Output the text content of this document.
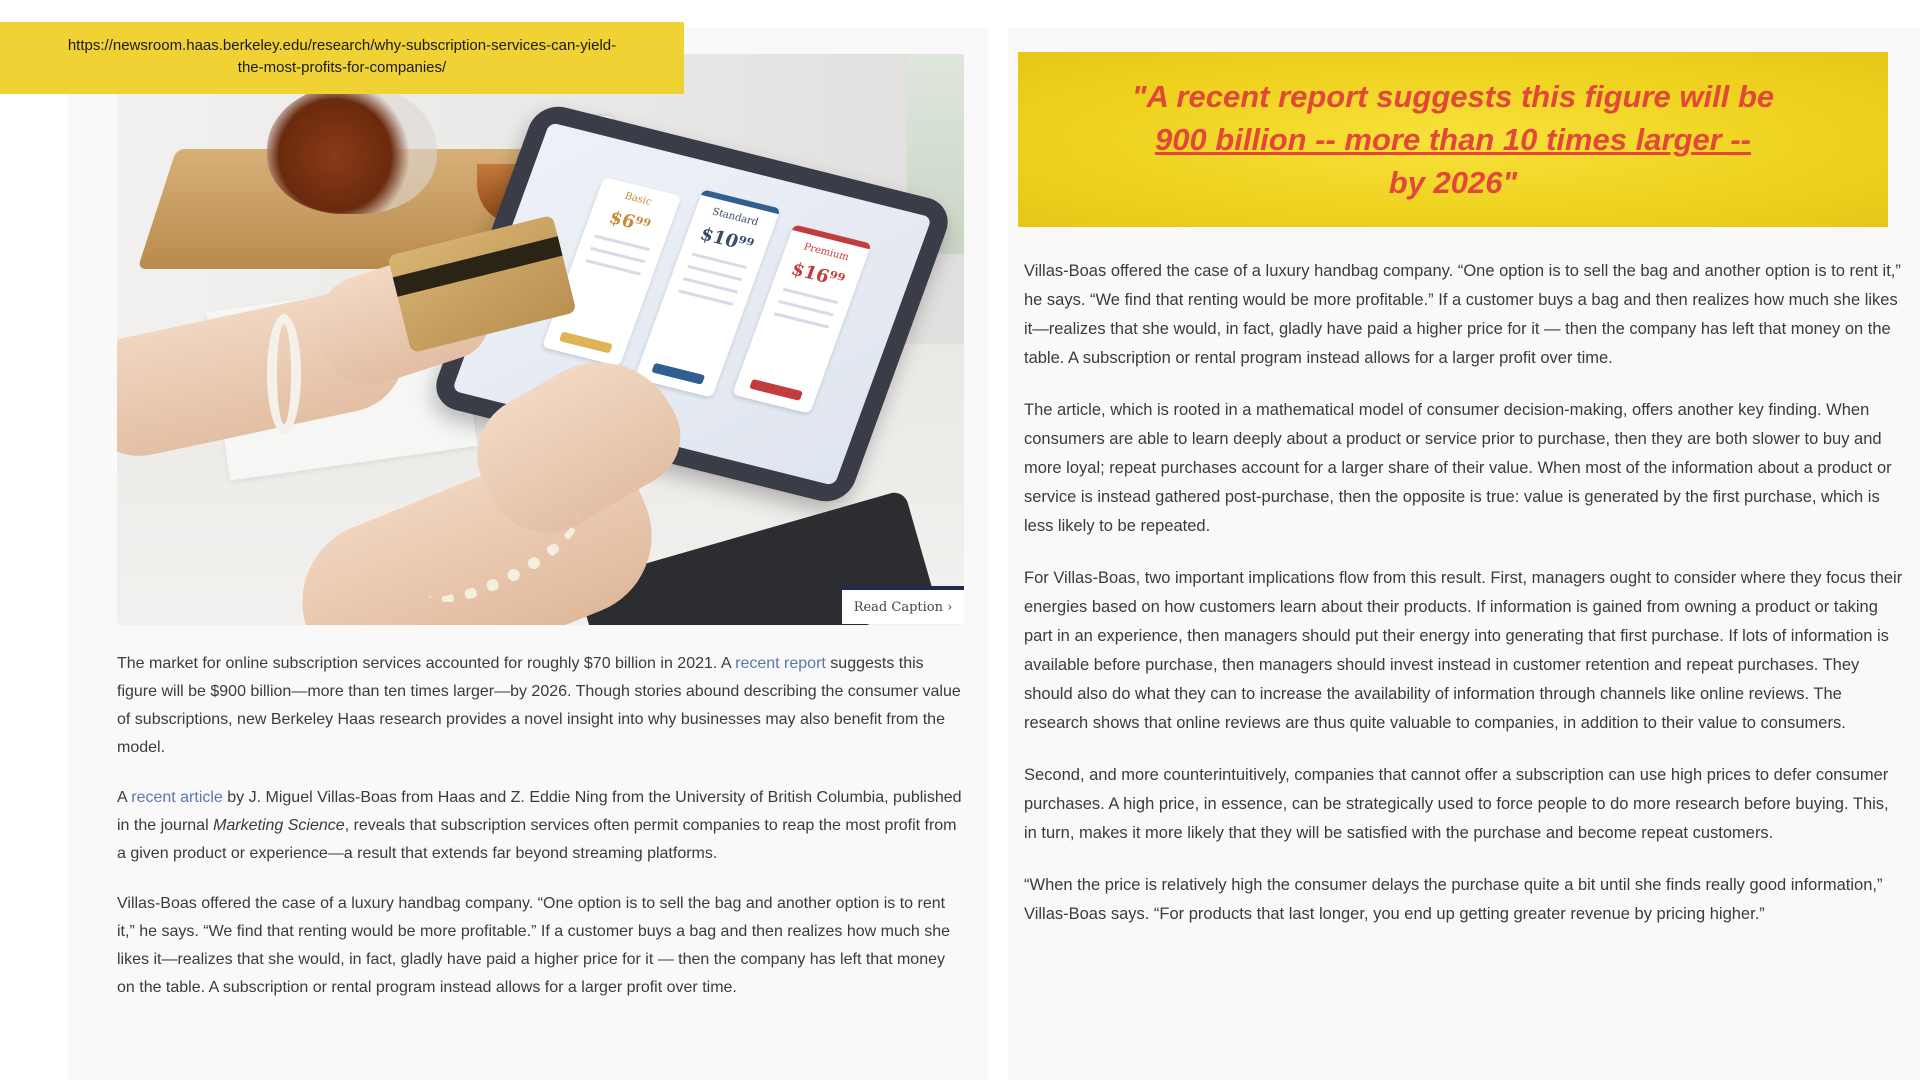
Basic
$6⁹⁹	Standard
$10⁹⁹	Premium
$16⁹⁹
Read Caption ›
https://newsroom.haas.berkeley.edu/research/why-subscription-services-can-yield-
the-most-profits-for-companies/

The market for online subscription services accounted for roughly $70 billion in 2021. A recent report suggests this figure will be $900 billion—more than ten times larger—by 2026. Though stories abound describing the consumer value of subscriptions, new Berkeley Haas research provides a novel insight into why businesses may also benefit from the model.

A recent article by J. Miguel Villas-Boas from Haas and Z. Eddie Ning from the University of British Columbia, published in the journal Marketing Science, reveals that subscription services often permit companies to reap the most profit from a given product or experience—a result that extends far beyond streaming platforms.

Villas-Boas offered the case of a luxury handbag company. “One option is to sell the bag and another option is to rent it,” he says. “We find that renting would be more profitable.” If a customer buys a bag and then realizes how much she likes it—realizes that she would, in fact, gladly have paid a higher price for it — then the company has left that money on the table. A subscription or rental program instead allows for a larger profit over time.

"A recent report suggests this figure will be
900 billion -- more than 10 times larger --
by 2026"

Villas-Boas offered the case of a luxury handbag company. “One option is to sell the bag and another option is to rent it,” he says. “We find that renting would be more profitable.” If a customer buys a bag and then realizes how much she likes it—realizes that she would, in fact, gladly have paid a higher price for it — then the company has left that money on the table. A subscription or rental program instead allows for a larger profit over time.

The article, which is rooted in a mathematical model of consumer decision-making, offers another key finding. When consumers are able to learn deeply about a product or service prior to purchase, then they are both slower to buy and more loyal; repeat purchases account for a larger share of their value. When most of the information about a product or service is instead gathered post-purchase, then the opposite is true: value is generated by the first purchase, which is less likely to be repeated.

For Villas-Boas, two important implications flow from this result. First, managers ought to consider where they focus their energies based on how customers learn about their products. If information is gained from owning a product or taking part in an experience, then managers should put their energy into generating that first purchase. If lots of information is available before purchase, then managers should invest instead in customer retention and repeat purchases. They should also do what they can to increase the availability of information through channels like online reviews. The research shows that online reviews are thus quite valuable to companies, in addition to their value to consumers.

Second, and more counterintuitively, companies that cannot offer a subscription can use high prices to defer consumer purchases. A high price, in essence, can be strategically used to force people to do more research before buying. This, in turn, makes it more likely that they will be satisfied with the purchase and become repeat customers.

“When the price is relatively high the consumer delays the purchase quite a bit until she finds really good information,” Villas-Boas says. “For products that last longer, you end up getting greater revenue by pricing higher.”
